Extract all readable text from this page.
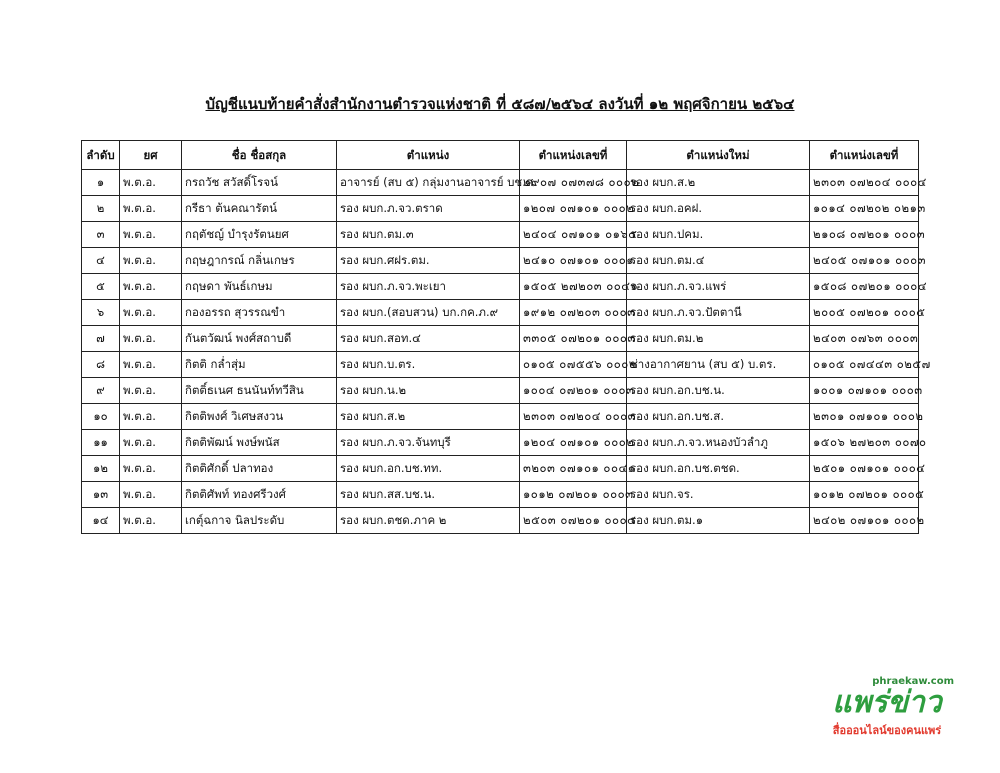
บัญชีแนบท้ายคำสั่งสำนักงานตำรวจแห่งชาติ ที่ ๕๘๗/๒๕๖๔ ลงวันที่ ๑๒ พฤศจิกายน ๒๕๖๔
ลำดับ	ยศ	ชื่อ ชื่อสกุล	ตำแหน่ง	ตำแหน่งเลขที่	ตำแหน่งใหม่	ตำแหน่งเลขที่
๑	พ.ต.อ.	กรถวัช สวัสดิ์โรจน์	อาจารย์ (สบ ๕) กลุ่มงานอาจารย์ บช.ศ.	๒๙๐๗ ๐๗๓๗๘ ๐๐๐๒	รอง ผบก.ส.๒	๒๓๐๓ ๐๗๒๐๔ ๐๐๐๔
๒	พ.ต.อ.	กรีธา ต้นคณารัตน์	รอง ผบก.ภ.จว.ตราด	๑๒๐๗ ๐๗๑๐๑ ๐๐๐๒	รอง ผบก.อคฝ.	๑๐๑๔ ๐๗๒๐๒ ๐๒๑๓
๓	พ.ต.อ.	กฤตัชญ์ บำรุงรัตนยศ	รอง ผบก.ตม.๓	๒๔๐๔ ๐๗๑๐๑ ๐๑๖๕	รอง ผบก.ปคม.	๒๑๐๘ ๐๗๒๐๑ ๐๐๐๓
๔	พ.ต.อ.	กฤษฎากรณ์ กลิ่นเกษร	รอง ผบก.ศฝร.ตม.	๒๔๑๐ ๐๗๑๐๑ ๐๐๐๑	รอง ผบก.ตม.๔	๒๔๐๕ ๐๗๑๐๑ ๐๐๐๓
๕	พ.ต.อ.	กฤษดา พันธ์เกษม	รอง ผบก.ภ.จว.พะเยา	๑๕๐๕ ๒๗๒๐๓ ๐๐๔๑	รอง ผบก.ภ.จว.แพร่	๑๕๐๘ ๐๗๒๐๑ ๐๐๐๔
๖	พ.ต.อ.	กองอรรถ สุวรรณขำ	รอง ผบก.(สอบสวน) บก.กค.ภ.๙	๑๙๑๒ ๐๗๒๐๓ ๐๐๐๓	รอง ผบก.ภ.จว.ปัตตานี	๒๐๐๕ ๐๗๒๐๑ ๐๐๐๕
๗	พ.ต.อ.	กันตวัฒน์ พงศ์สถาบดี	รอง ผบก.สอท.๔	๓๓๐๕ ๐๗๒๐๑ ๐๐๐๓	รอง ผบก.ตม.๒	๒๔๐๓ ๐๗๖๓ ๐๐๐๓
๘	พ.ต.อ.	กิตติ กล่ำสุ่ม	รอง ผบก.บ.ตร.	๐๑๐๕ ๐๗๕๕๖ ๐๐๐๒	ช่างอากาศยาน (สบ ๕) บ.ตร.	๐๑๐๕ ๐๗๔๔๓ ๐๒๕๗
๙	พ.ต.อ.	กิตติ์ธเนศ ธนนันท์ทวีสิน	รอง ผบก.น.๒	๑๐๐๔ ๐๗๒๐๑ ๐๐๐๓	รอง ผบก.อก.บช.น.	๑๐๐๑ ๐๗๑๐๑ ๐๐๐๓
๑๐	พ.ต.อ.	กิตติพงศ์ วิเศษสงวน	รอง ผบก.ส.๒	๒๓๐๓ ๐๗๒๐๔ ๐๐๐๓	รอง ผบก.อก.บช.ส.	๒๓๐๑ ๐๗๑๐๑ ๐๐๐๒
๑๑	พ.ต.อ.	กิตติพัฒน์ พงษ์พนัส	รอง ผบก.ภ.จว.จันทบุรี	๑๒๐๔ ๐๗๑๐๑ ๐๐๐๒	รอง ผบก.ภ.จว.หนองบัวลำภู	๑๕๐๖ ๒๗๒๐๓ ๐๐๗๐
๑๒	พ.ต.อ.	กิตติศักดิ์ ปลาทอง	รอง ผบก.อก.บช.ทท.	๓๒๐๓ ๐๗๑๐๑ ๐๐๔๑	รอง ผบก.อก.บช.ตชด.	๒๕๐๑ ๐๗๑๐๑ ๐๐๐๔
๑๓	พ.ต.อ.	กิตติศัพท์ ทองศรีวงศ์	รอง ผบก.สส.บช.น.	๑๐๑๒ ๐๗๒๐๑ ๐๐๐๓	รอง ผบก.จร.	๑๐๑๒ ๐๗๒๐๑ ๐๐๐๕
๑๔	พ.ต.อ.	เกตุ์ฉกาจ นิลประดับ	รอง ผบก.ตชด.ภาค ๒	๒๕๐๓ ๐๗๒๐๑ ๐๐๐๔	รอง ผบก.ตม.๑	๒๔๐๒ ๐๗๑๐๑ ๐๐๐๒
phraekaw.com
แพร่ข่าว
สื่อออนไลน์ของคนแพร่
